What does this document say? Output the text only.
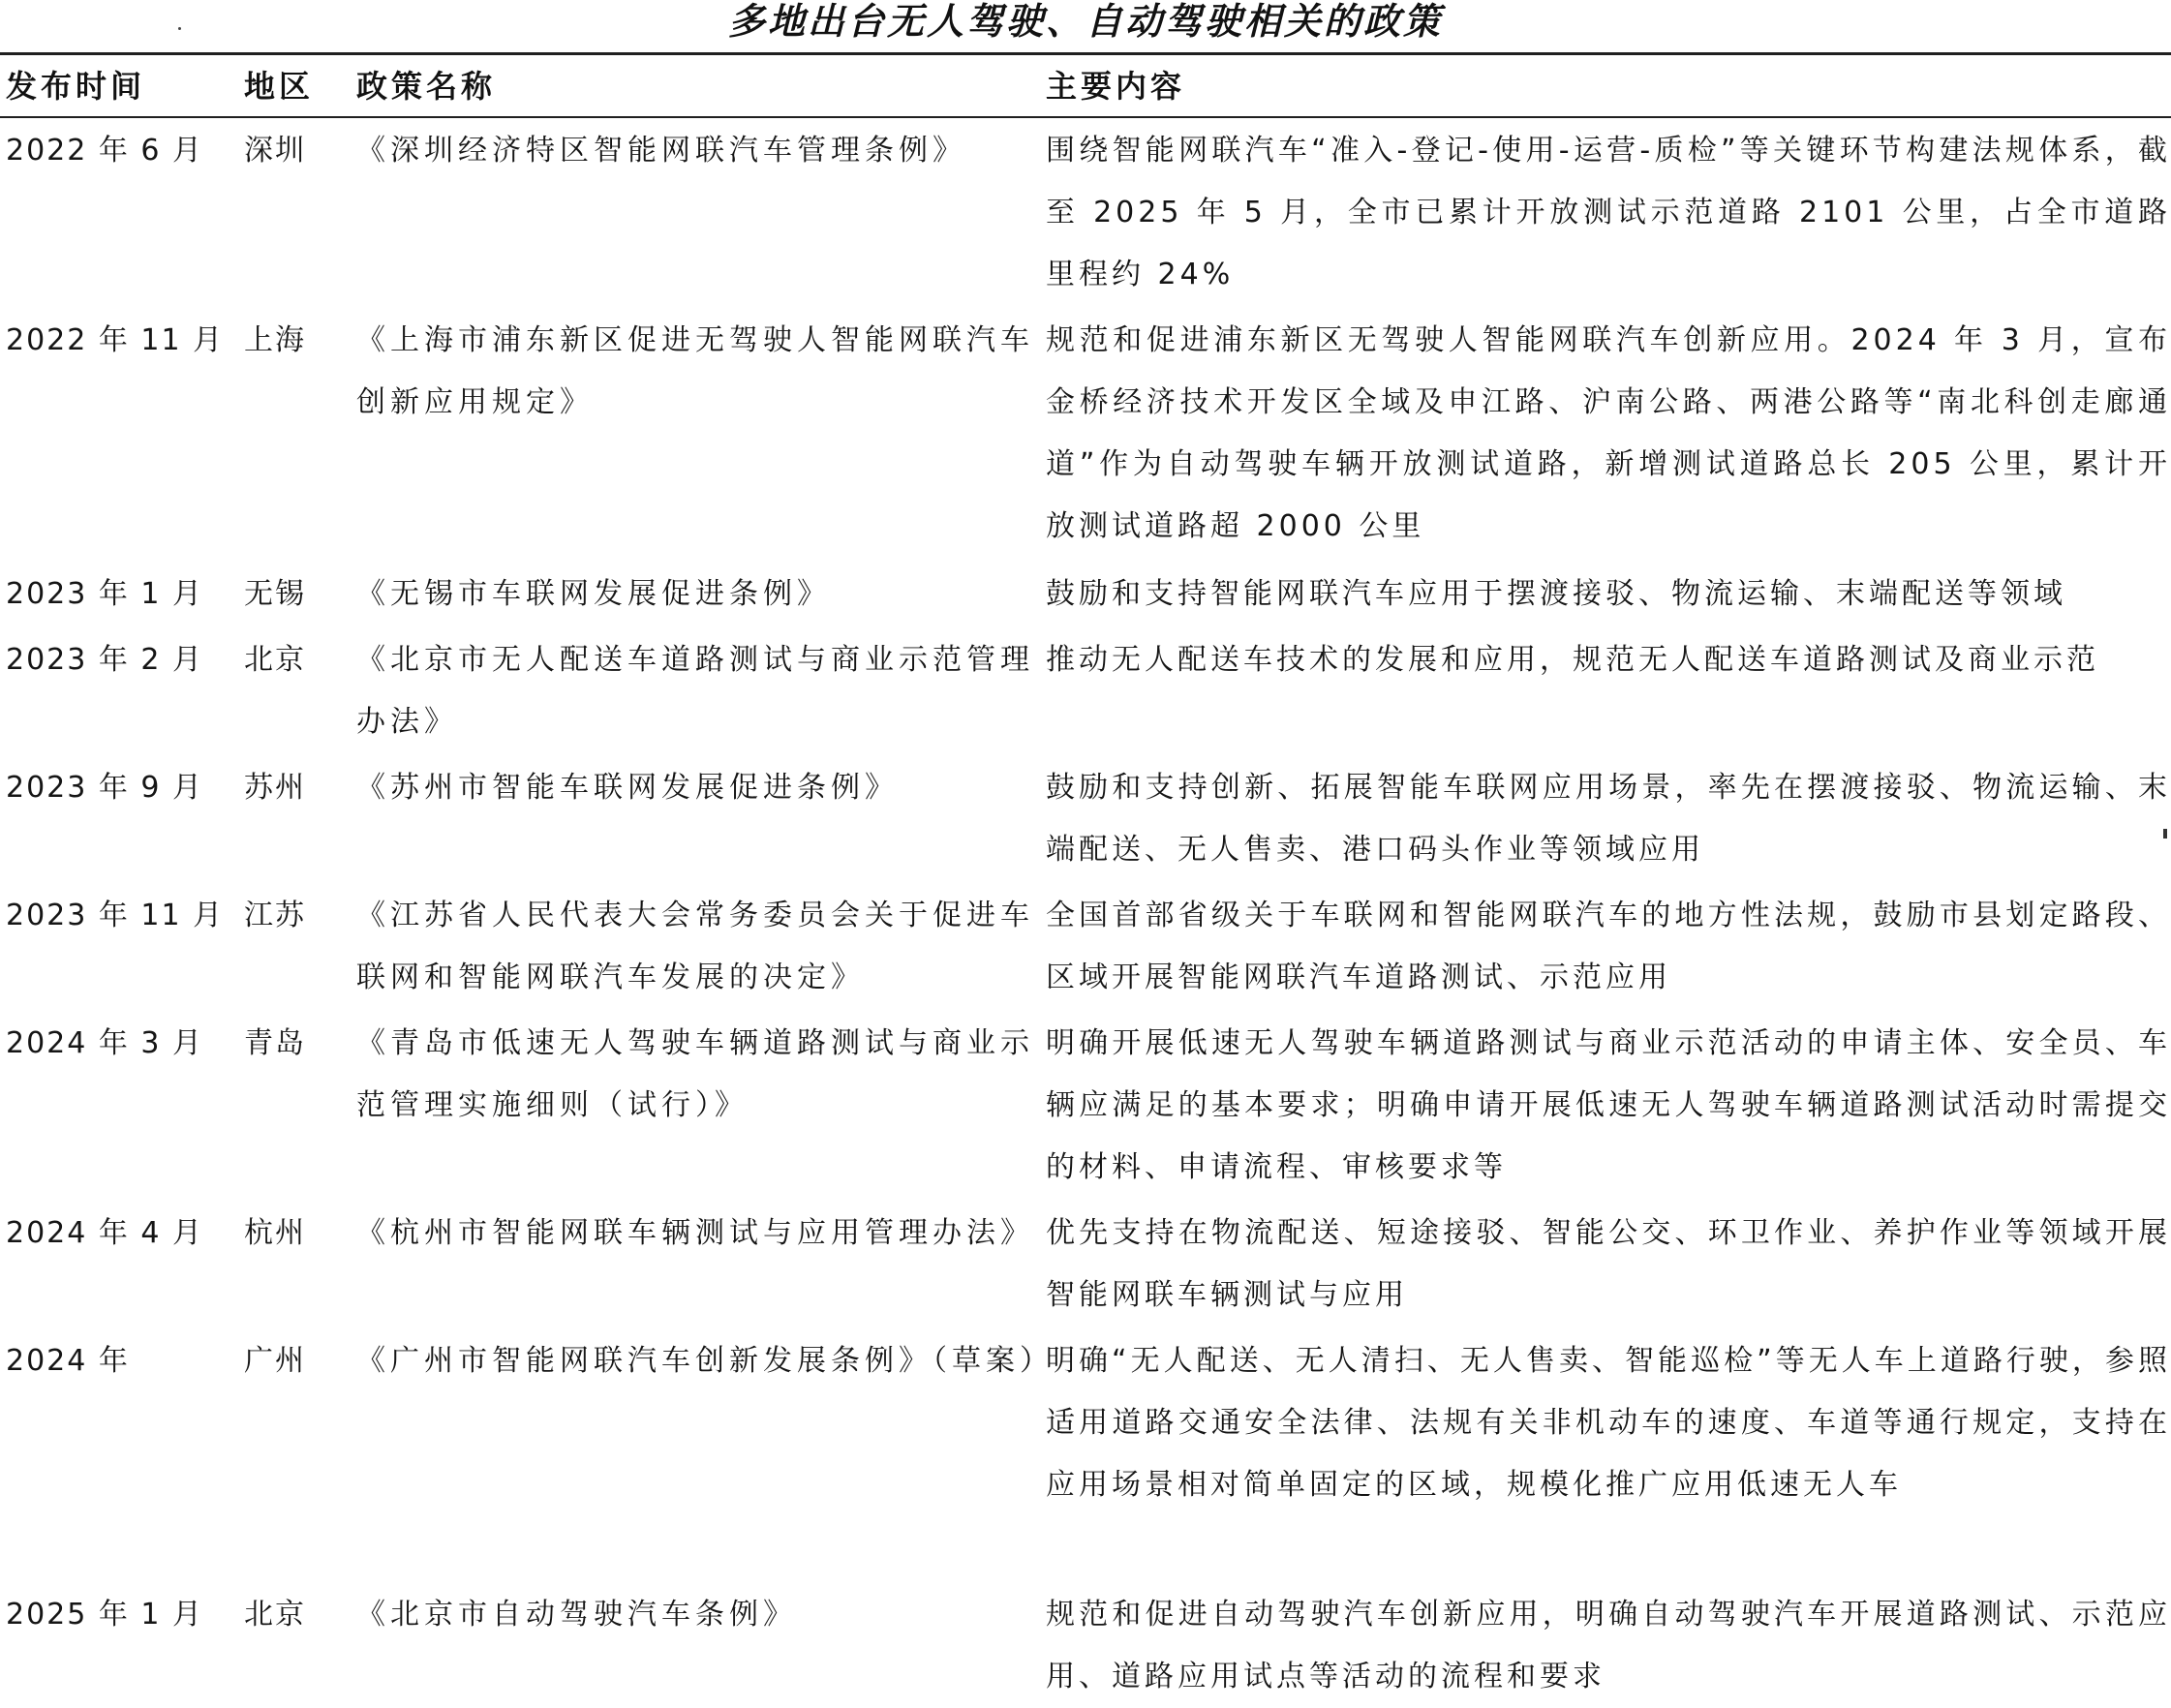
多地出台无人驾驶、自动驾驶相关的政策
发布时间	地区	政策名称	主要内容
2022 年 6 月	深圳	《深圳经济特区智能网联汽车管理条例》	围绕智能网联汽车“准入-登记-使用-运营-质检”等关键环节构建法规体系，截至 2025 年 5 月，全市已累计开放测试示范道路 2101 公里，占全市道路里程约 24%
2022 年 11 月	上海	《上海市浦东新区促进无驾驶人智能网联汽车创新应用规定》	规范和促进浦东新区无驾驶人智能网联汽车创新应用。2024 年 3 月，宣布金桥经济技术开发区全域及申江路、沪南公路、两港公路等“南北科创走廊通道”作为自动驾驶车辆开放测试道路，新增测试道路总长 205 公里，累计开放测试道路超 2000 公里
2023 年 1 月	无锡	《无锡市车联网发展促进条例》	鼓励和支持智能网联汽车应用于摆渡接驳、物流运输、末端配送等领域
2023 年 2 月	北京	《北京市无人配送车道路测试与商业示范管理办法》	推动无人配送车技术的发展和应用，规范无人配送车道路测试及商业示范
2023 年 9 月	苏州	《苏州市智能车联网发展促进条例》	鼓励和支持创新、拓展智能车联网应用场景，率先在摆渡接驳、物流运输、末端配送、无人售卖、港口码头作业等领域应用
2023 年 11 月	江苏	《江苏省人民代表大会常务委员会关于促进车联网和智能网联汽车发展的决定》	全国首部省级关于车联网和智能网联汽车的地方性法规，鼓励市县划定路段、区域开展智能网联汽车道路测试、示范应用
2024 年 3 月	青岛	《青岛市低速无人驾驶车辆道路测试与商业示范管理实施细则（试行）》	明确开展低速无人驾驶车辆道路测试与商业示范活动的申请主体、安全员、车辆应满足的基本要求；明确申请开展低速无人驾驶车辆道路测试活动时需提交的材料、申请流程、审核要求等
2024 年 4 月	杭州	《杭州市智能网联车辆测试与应用管理办法》	优先支持在物流配送、短途接驳、智能公交、环卫作业、养护作业等领域开展智能网联车辆测试与应用
2024 年	广州	《广州市智能网联汽车创新发展条例》（草案）	明确“无人配送、无人清扫、无人售卖、智能巡检”等无人车上道路行驶，参照适用道路交通安全法律、法规有关非机动车的速度、车道等通行规定，支持在应用场景相对简单固定的区域，规模化推广应用低速无人车
2025 年 1 月	北京	《北京市自动驾驶汽车条例》	规范和促进自动驾驶汽车创新应用，明确自动驾驶汽车开展道路测试、示范应用、道路应用试点等活动的流程和要求
